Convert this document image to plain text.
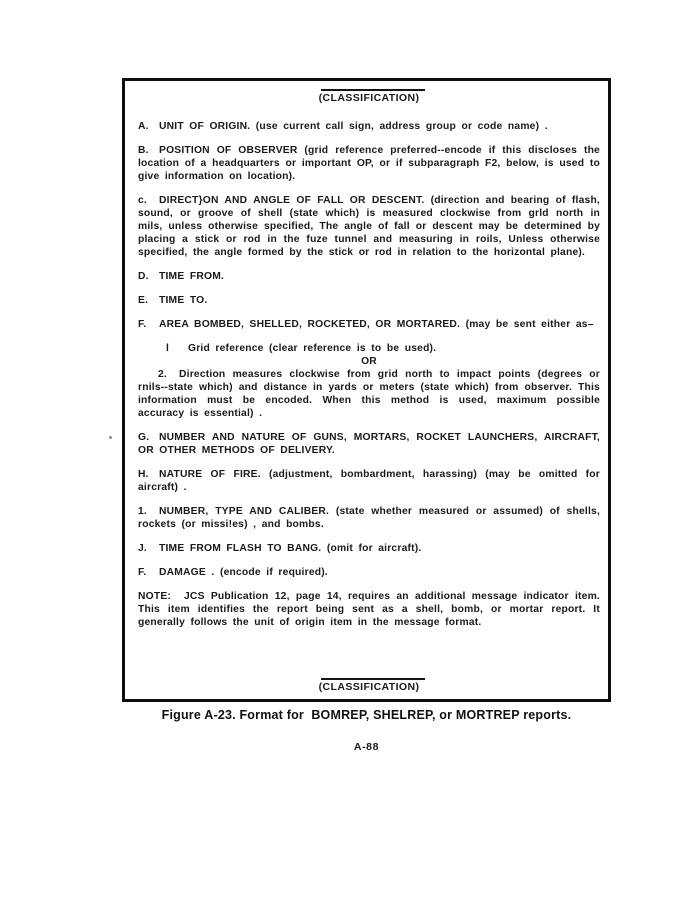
(CLASSIFICATION)

A. UNIT OF ORIGIN. (use current call sign, address group or code name) .

B. POSITION OF OBSERVER (grid reference preferred--encode if this discloses the location of a headquarters or important OP, or if subparagraph F2, below, is used to give information on location).

c. DIRECT}ON AND ANGLE OF FALL OR DESCENT. (direction and bearing of flash, sound, or groove of shell (state which) is measured clockwise from grld north in mils, unless otherwise specified, The angle of fall or descent may be determined by placing a stick or rod in the fuze tunnel and measuring in roils, Unless otherwise specified, the angle formed by the stick or rod in relation to the horizontal plane).

D. TIME FROM.

E. TIME TO.

F. AREA BOMBED, SHELLED, ROCKETED, OR MORTARED. (may be sent either as–

l Grid reference (clear reference is to be used).

OR

2. Direction measures clockwise from grid north to impact points (degrees or rnils--state which) and distance in yards or meters (state which) from observer. This information must be encoded. When this method is used, maximum possible accuracy is essential) .

G. NUMBER AND NATURE OF GUNS, MORTARS, ROCKET LAUNCHERS, AIRCRAFT, OR OTHER METHODS OF DELIVERY.

H. NATURE OF FIRE. (adjustment, bombardment, harassing) (may be omitted for aircraft) .

1. NUMBER, TYPE AND CALIBER. (state whether measured or assumed) of shells, rockets (or missi!es) , and bombs.

J. TIME FROM FLASH TO BANG. (omit for aircraft).

F. DAMAGE . (encode if required).

NOTE: JCS Publication 12, page 14, requires an additional message indicator item. This item identifies the report being sent as a shell, bomb, or mortar report. It generally follows the unit of origin item in the message format.

(CLASSIFICATION)
Figure A-23. Format for  BOMREP, SHELREP, or MORTREP reports.
A-88
